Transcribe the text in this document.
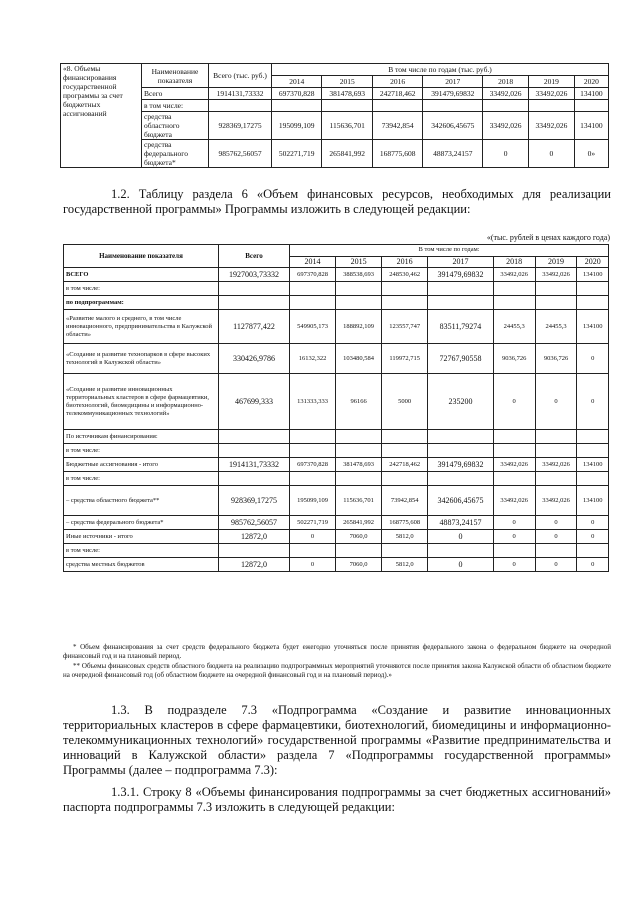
«8. Объемы финансирования государственной программы за счет бюджетных ассигнований	Наименование показателя	Всего (тыс. руб.)	В том числе по годам (тыс. руб.)						
			2014	2015	2016	2017	2018	2019	2020
	Всего	1914131,73332	697370,828	381478,693	242718,462	391479,69832	33492,026	33492,026	134100
	в том числе:								
	средства областного бюджета	928369,17275	195099,109	115636,701	73942,854	342606,45675	33492,026	33492,026	134100
	средства федерального бюджета*	985762,56057	502271,719	265841,992	168775,608	48873,24157	0	0	0»
1.2. Таблицу раздела 6 «Объем финансовых ресурсов, необходимых для реализации государственной программы» Программы изложить в следующей редакции:
«(тыс. рублей в ценах каждого года)
Наименование показателя	Всего	В том числе по годам:						
		2014	2015	2016	2017	2018	2019	2020
ВСЕГО	1927003,73332	697370,828	388538,693	248530,462	391479,69832	33492,026	33492,026	134100
в том числе:								
по подпрограммам:								
«Развитие малого и среднего, в том числе инновационного, предпринимательства в Калужской области»	1127877,422	549905,173	188892,109	123557,747	83511,79274	24455,3	24455,3	134100
«Создание и развитие технопарков в сфере высоких технологий в Калужской области»	330426,9786	16132,322	103480,584	119972,715	72767,90558	9036,726	9036,726	0
«Создание и развитие инновационных территориальных кластеров в сфере фармацевтики, биотехнологий, биомедицины и информационно-телекоммуникационных технологий»	467699,333	131333,333	96166	5000	235200	0	0	0
По источникам финансирования:								
в том числе:								
Бюджетные ассигнования - итого	1914131,73332	697370,828	381478,693	242718,462	391479,69832	33492,026	33492,026	134100
в том числе:								
– средства областного бюджета**	928369,17275	195099,109	115636,701	73942,854	342606,45675	33492,026	33492,026	134100
– средства федерального бюджета*	985762,56057	502271,719	265841,992	168775,608	48873,24157	0	0	0
Иные источники - итого	12872,0	0	7060,0	5812,0	0	0	0	0
в том числе:								
средства местных бюджетов	12872,0	0	7060,0	5812,0	0	0	0	0
* Объем финансирования за счет средств федерального бюджета будет ежегодно уточняться после принятия федерального закона о федеральном бюджете на очередной финансовый год и на плановый период.
** Объемы финансовых средств областного бюджета на реализацию подпрограммных мероприятий уточняются после принятия закона Калужской области об областном бюджете на очередной финансовый год (об областном бюджете на очередной финансовый год и на плановый период).»
1.3. В подразделе 7.3 «Подпрограмма «Создание и развитие инновационных территориальных кластеров в сфере фармацевтики, биотехнологий, биомедицины и информационно-телекоммуникационных технологий» государственной программы «Развитие предпринимательства и инноваций в Калужской области» раздела 7 «Подпрограммы государственной программы» Программы (далее – подпрограмма 7.3):
1.3.1. Строку 8 «Объемы финансирования подпрограммы за счет бюджетных ассигнований» паспорта подпрограммы 7.3 изложить в следующей редакции:
